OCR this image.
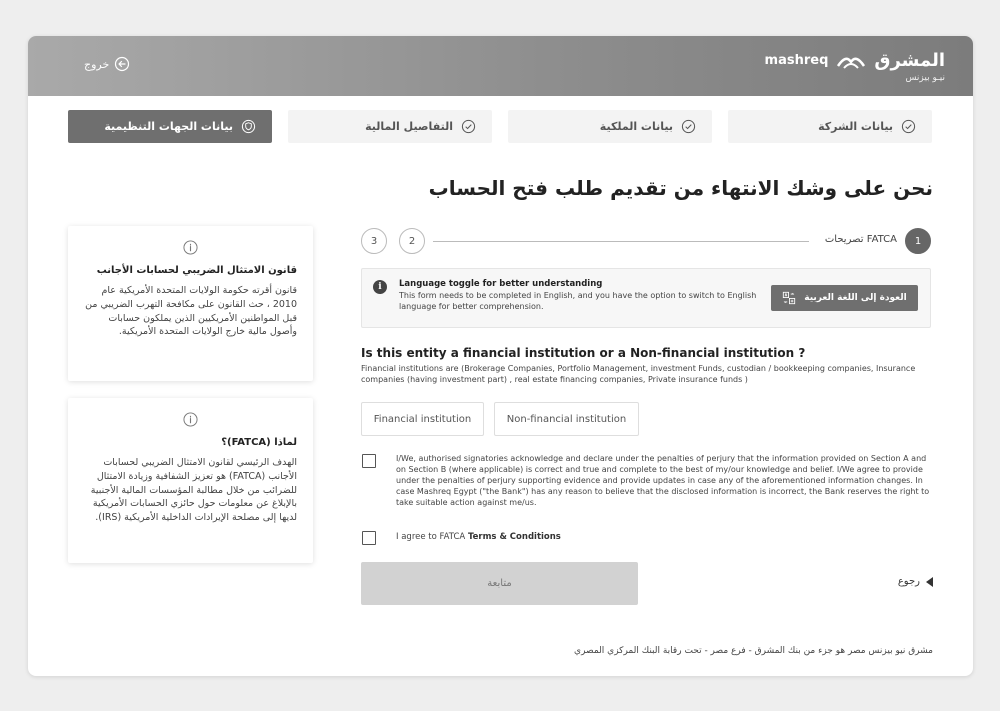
خروج	المشرق
mashreq
نيـو بيزنس
بيانات الشركة
بيانات الملكية
التفاصيل المالية
بيانات الجهات التنظيمية
نحن على وشك الانتهاء من تقديم طلب فتح الحساب
قانون الامتثال الضريبي لحسابات الأجانب

قانون أقرته حكومة الولايات المتحدة الأمريكية عام 2010 ، حث القانون على مكافحة التهرب الضريبي من قبل المواطنين الأمريكيين الذين يملكون حسابات وأصول مالية خارج الولايات المتحدة الأمريكية.

لماذا (FATCA)؟

الهدف الرئيسي لقانون الامتثال الضريبي لحسابات الأجانب (FATCA) هو تعزيز الشفافية وزيادة الامتثال للضرائب من خلال مطالبة المؤسسات المالية الأجنبية بالإبلاغ عن معلومات حول حائزي الحسابات الأمريكية لديها إلى مصلحة الإيرادات الداخلية الأمريكية (IRS).

3	2	تصريحات FATCA	1
i	Language toggle for better understanding
This form needs to be completed in English, and you have the option to switch to English language for better comprehension.
العودة إلى اللغة العربية
Is this entity a financial institution or a Non-financial institution ?
Financial institutions are (Brokerage Companies, Portfolio Management, investment Funds, custodian / bookkeeping companies, Insurance companies (having investment part) , real estate financing companies, Private insurance funds )
Financial institution	Non-financial institution
I/We, authorised signatories acknowledge and declare under the penalties of perjury that the information provided on Section A and on Section B (where applicable) is correct and true and complete to the best of my/our knowledge and belief. I/We agree to provide under the penalties of perjury supporting evidence and provide updates in case any of the aforementioned information changes. In case Mashreq Egypt ("the Bank") has any reason to believe that the disclosed information is incorrect, the Bank reserves the right to take suitable action against me/us.
I agree to FATCA Terms & Conditions
متابعة	رجوع
مشرق نيو بيزنس مصر هو جزء من بنك المشرق - فرع مصر - تحت رقابة البنك المركزي المصري
